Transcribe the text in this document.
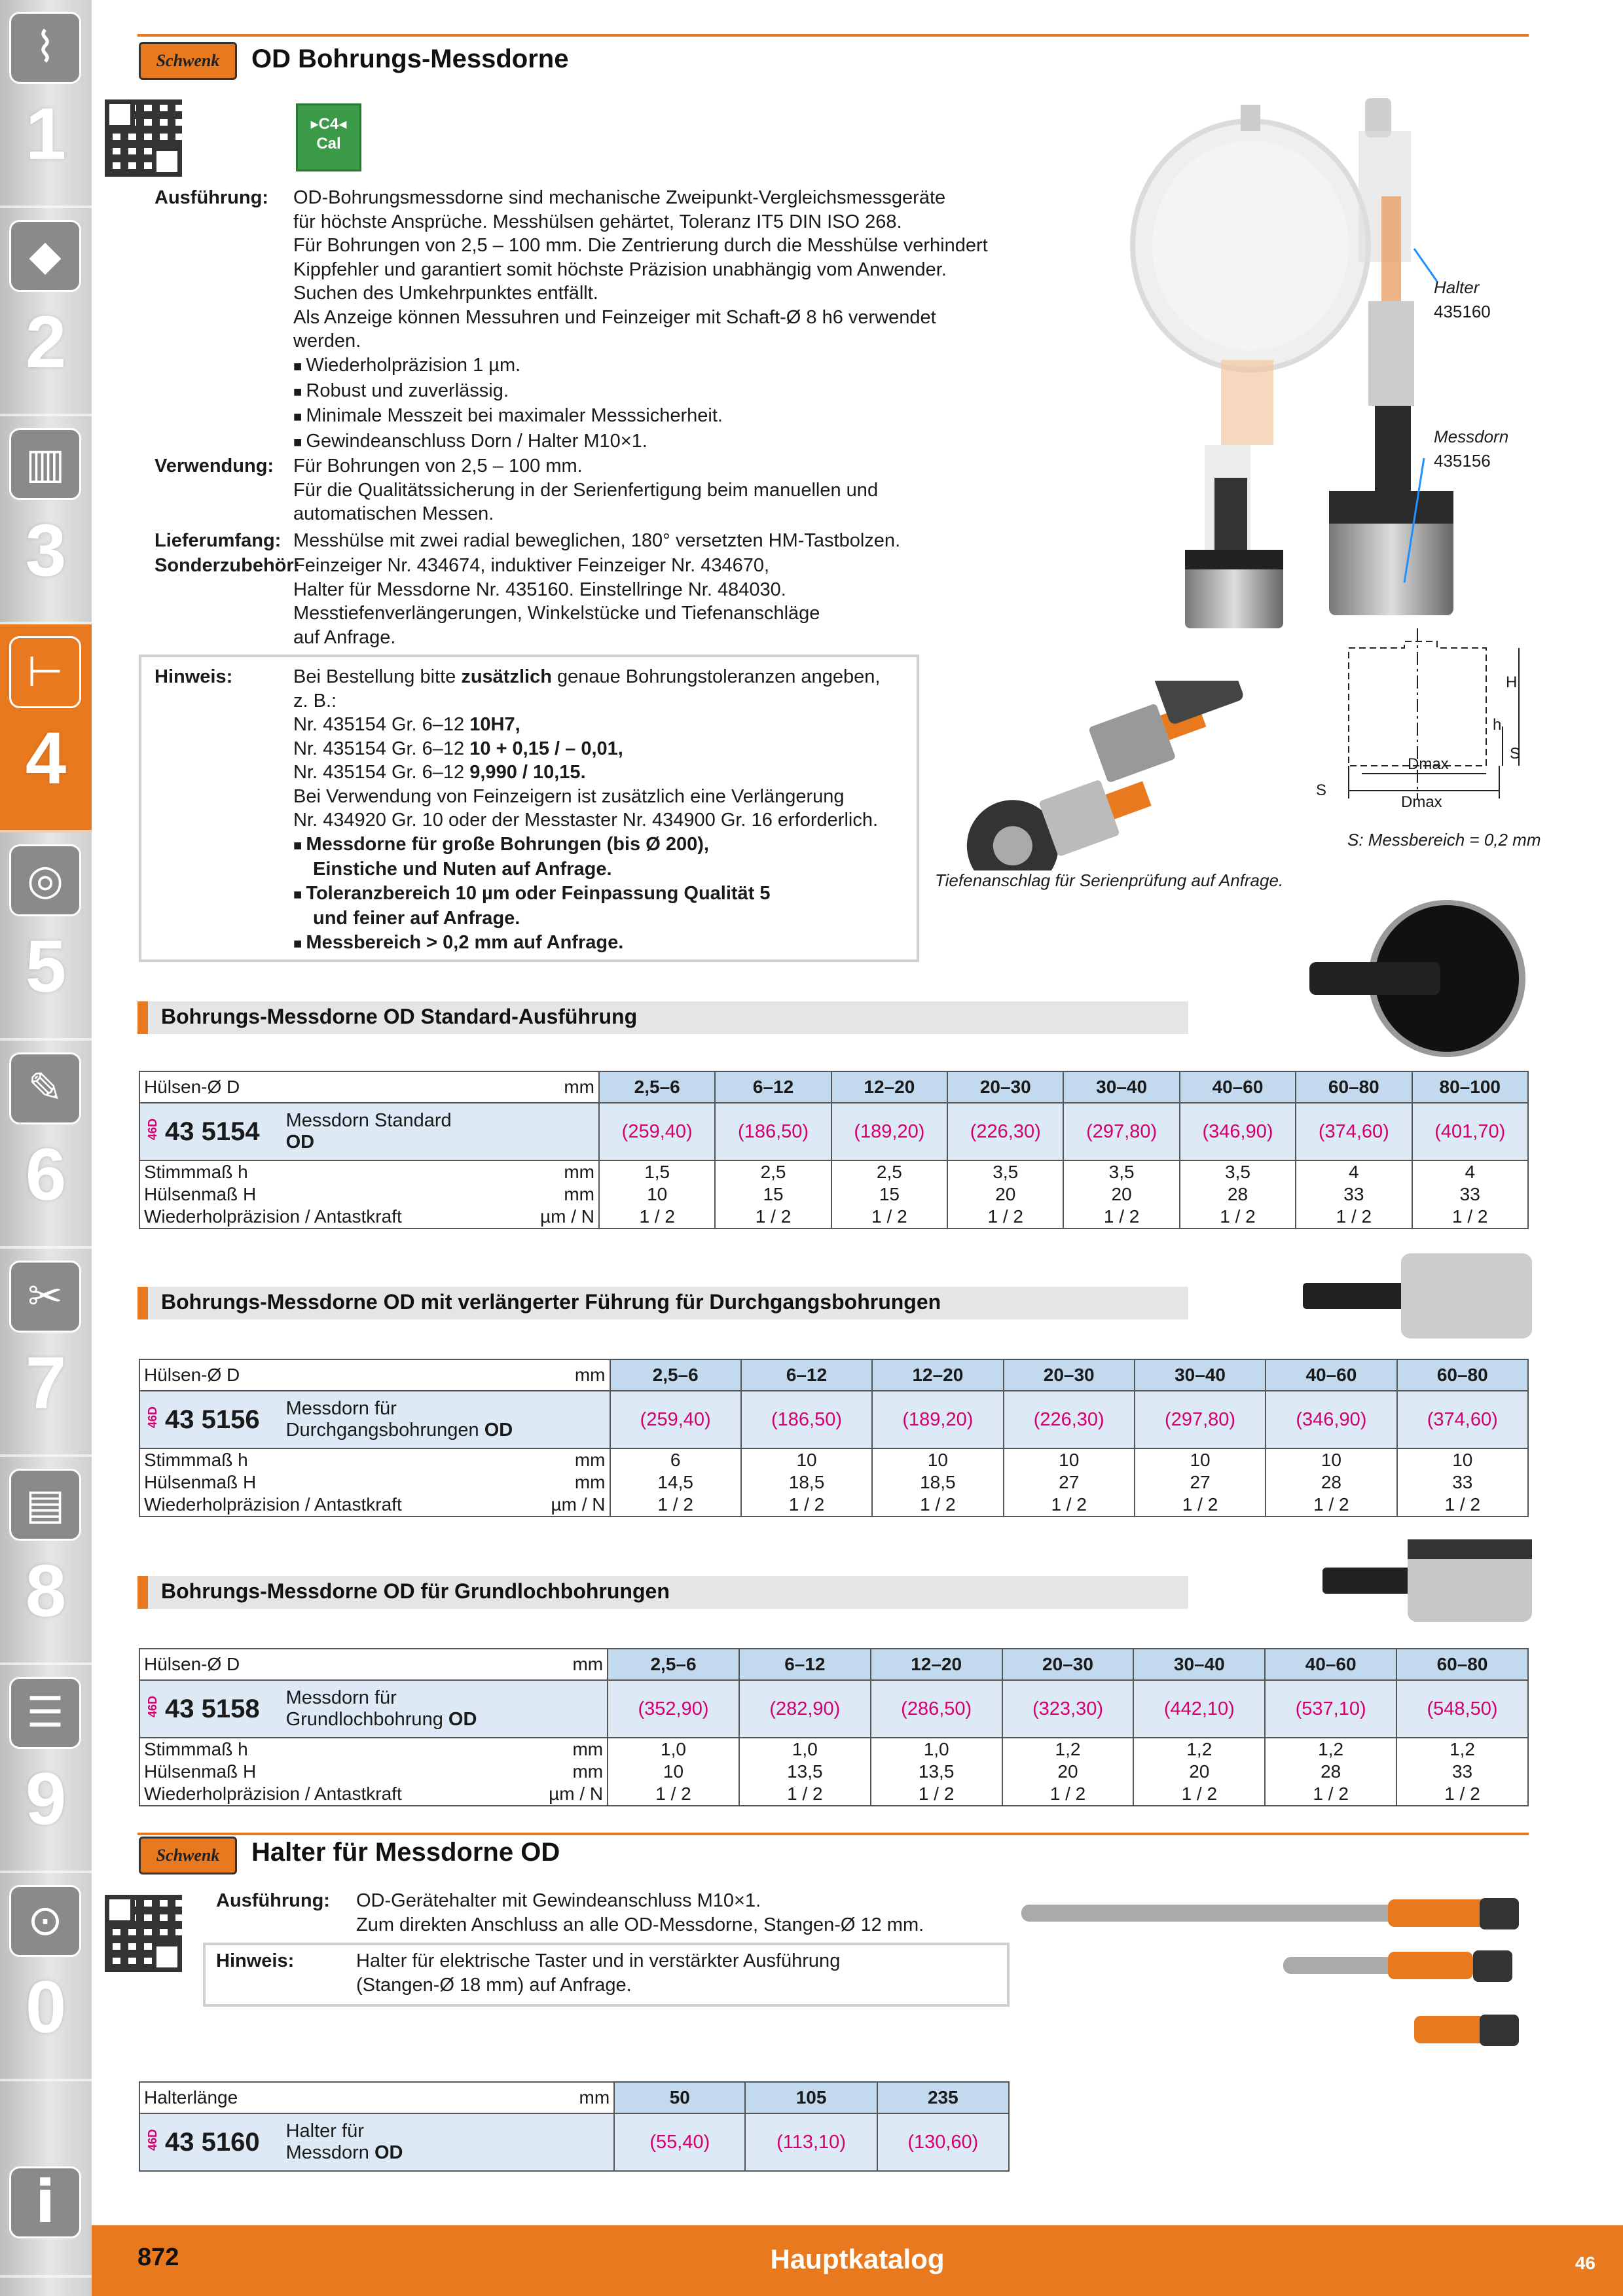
⌇
1
◆
2
▥
3
⊢
4
◎
5
✎
6
✂
7
▤
8
☰
9
⊙
0
i
Schwenk	OD Bohrungs-Messdorne
▸C4◂
Cal
Ausführung: OD-Bohrungsmessdorne sind mechanische Zweipunkt-Vergleichsmessgeräte
für höchste Ansprüche. Messhülsen gehärtet, Toleranz IT5 DIN ISO 268.
Für Bohrungen von 2,5 – 100 mm. Die Zentrierung durch die Messhülse verhindert
Kippfehler und garantiert somit höchste Präzision unabhängig vom Anwender.
Suchen des Umkehrpunktes entfällt.
Als Anzeige können Messuhren und Feinzeiger mit Schaft-Ø 8 h6 verwendet
werden.
■ Wiederholpräzision 1 µm.
■ Robust und zuverlässig.
■ Minimale Messzeit bei maximaler Messsicherheit.
■ Gewindeanschluss Dorn / Halter M10×1.
Verwendung: Für Bohrungen von 2,5 – 100 mm.
Für die Qualitätssicherung in der Serienfertigung beim manuellen und
automatischen Messen.
Lieferumfang: Messhülse mit zwei radial beweglichen, 180° versetzten HM-Tastbolzen.
Sonderzubehör:
Feinzeiger Nr. 434674, induktiver Feinzeiger Nr. 434670,
Halter für Messdorne Nr. 435160. Einstellringe Nr. 484030.
Messtiefenverlängerungen, Winkelstücke und Tiefenanschläge
auf Anfrage.
Hinweis:	Bei Bestellung bitte zusätzlich genaue Bohrungstoleranzen angeben,
z. B.:
Nr. 435154 Gr. 6–12 10H7,
Nr. 435154 Gr. 6–12 10 + 0,15 / – 0,01,
Nr. 435154 Gr. 6–12 9,990 / 10,15.
Bei Verwendung von Feinzeigern ist zusätzlich eine Verlängerung
Nr. 434920 Gr. 10 oder der Messtaster Nr. 434900 Gr. 16 erforderlich.
■ Messdorne für große Bohrungen (bis Ø 200),
Einstiche und Nuten auf Anfrage.
■ Toleranzbereich 10 µm oder Feinpassung Qualität 5
und feiner auf Anfrage.
■ Messbereich > 0,2 mm auf Anfrage.
Halter
435160
Messdorn
435156
Tiefenanschlag für Serienprüfung auf Anfrage.
Dmax
Dmax
S
S
h
H
S: Messbereich = 0,2 mm
Bohrungs-Messdorne OD Standard-Ausführung
Hülsen-Ø D mm	2,5–6	6–12	12–20	20–30	30–40	40–60	60–80	80–100
46D 43 5154 Messdorn Standard
OD	(259,40)	(186,50)	(189,20)	(226,30)	(297,80)	(346,90)	(374,60)	(401,70)
Stimmmaß h mm	1,5	2,5	2,5	3,5	3,5	3,5	4	4
Hülsenmaß H mm	10	15	15	20	20	28	33	33
Wiederholpräzision / Antastkraft µm / N	1 / 2	1 / 2	1 / 2	1 / 2	1 / 2	1 / 2	1 / 2	1 / 2
Bohrungs-Messdorne OD mit verlängerter Führung für Durchgangsbohrungen
Hülsen-Ø D mm	2,5–6	6–12	12–20	20–30	30–40	40–60	60–80
46D 43 5156 Messdorn für
Durchgangsbohrungen OD	(259,40)	(186,50)	(189,20)	(226,30)	(297,80)	(346,90)	(374,60)
Stimmmaß h mm	6	10	10	10	10	10	10
Hülsenmaß H mm	14,5	18,5	18,5	27	27	28	33
Wiederholpräzision / Antastkraft µm / N	1 / 2	1 / 2	1 / 2	1 / 2	1 / 2	1 / 2	1 / 2
Bohrungs-Messdorne OD für Grundlochbohrungen
Hülsen-Ø D mm	2,5–6	6–12	12–20	20–30	30–40	40–60	60–80
46D 43 5158 Messdorn für
Grundlochbohrung OD	(352,90)	(282,90)	(286,50)	(323,30)	(442,10)	(537,10)	(548,50)
Stimmmaß h mm	1,0	1,0	1,0	1,2	1,2	1,2	1,2
Hülsenmaß H mm	10	13,5	13,5	20	20	28	33
Wiederholpräzision / Antastkraft µm / N	1 / 2	1 / 2	1 / 2	1 / 2	1 / 2	1 / 2	1 / 2
Schwenk	Halter für Messdorne OD
Ausführung: OD-Gerätehalter mit Gewindeanschluss M10×1.
Zum direkten Anschluss an alle OD-Messdorne, Stangen-Ø 12 mm.
Hinweis:	Halter für elektrische Taster und in verstärkter Ausführung
(Stangen-Ø 18 mm) auf Anfrage.
Halterlänge mm	50	105	235
46D 43 5160 Halter für
Messdorn OD	(55,40)	(113,10)	(130,60)
872	Hauptkatalog	46
